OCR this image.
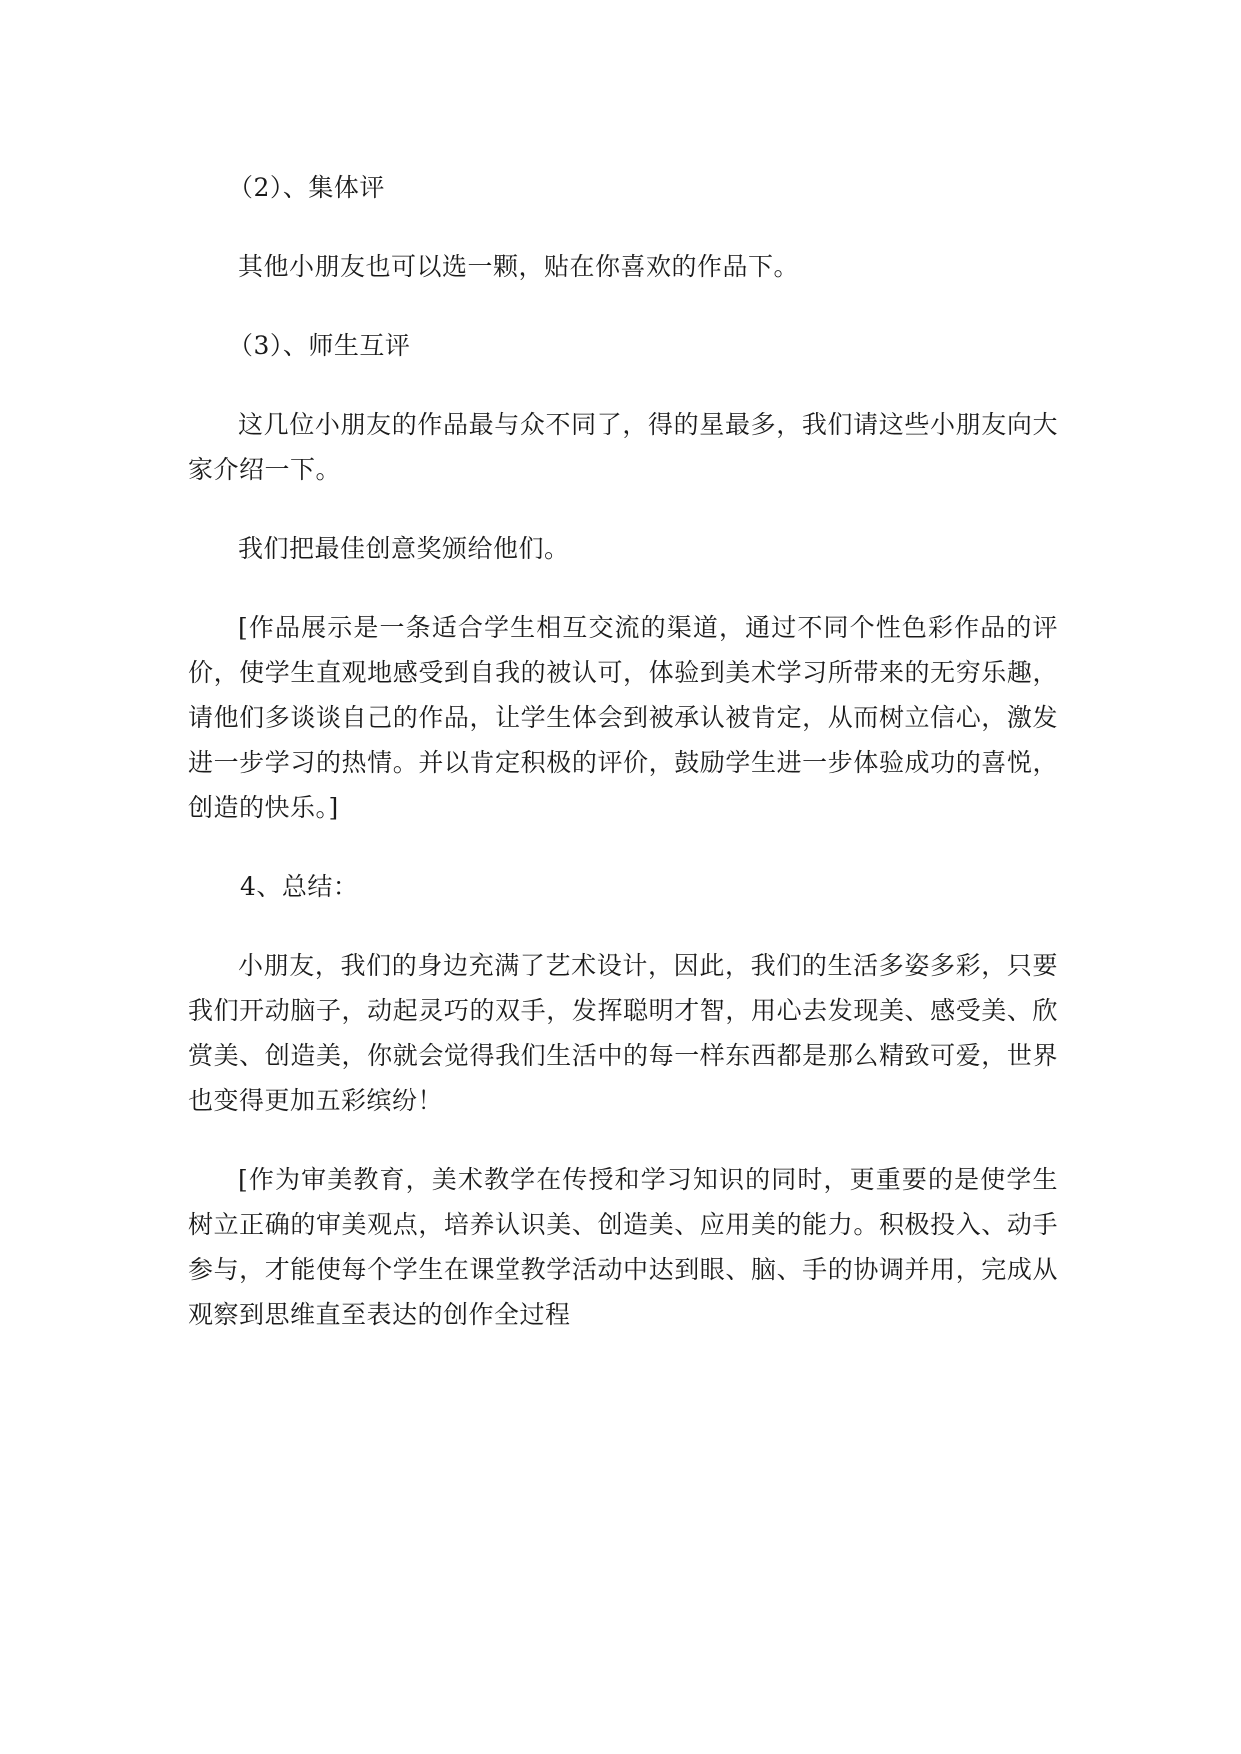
（2）、集体评

其他小朋友也可以选一颗，贴在你喜欢的作品下。

（3）、师生互评

这几位小朋友的作品最与众不同了，得的星最多，我们请这些小朋友向大家介绍一下。

我们把最佳创意奖颁给他们。

[作品展示是一条适合学生相互交流的渠道，通过不同个性色彩作品的评价，使学生直观地感受到自我的被认可，体验到美术学习所带来的无穷乐趣，请他们多谈谈自己的作品，让学生体会到被承认被肯定，从而树立信心，激发进一步学习的热情。并以肯定积极的评价，鼓励学生进一步体验成功的喜悦，创造的快乐。]

4、总结：

小朋友，我们的身边充满了艺术设计，因此，我们的生活多姿多彩，只要我们开动脑子，动起灵巧的双手，发挥聪明才智，用心去发现美、感受美、欣赏美、创造美，你就会觉得我们生活中的每一样东西都是那么精致可爱，世界也变得更加五彩缤纷！

[作为审美教育，美术教学在传授和学习知识的同时，更重要的是使学生树立正确的审美观点，培养认识美、创造美、应用美的能力。积极投入、动手参与，才能使每个学生在课堂教学活动中达到眼、脑、手的协调并用，完成从观察到思维直至表达的创作全过程
